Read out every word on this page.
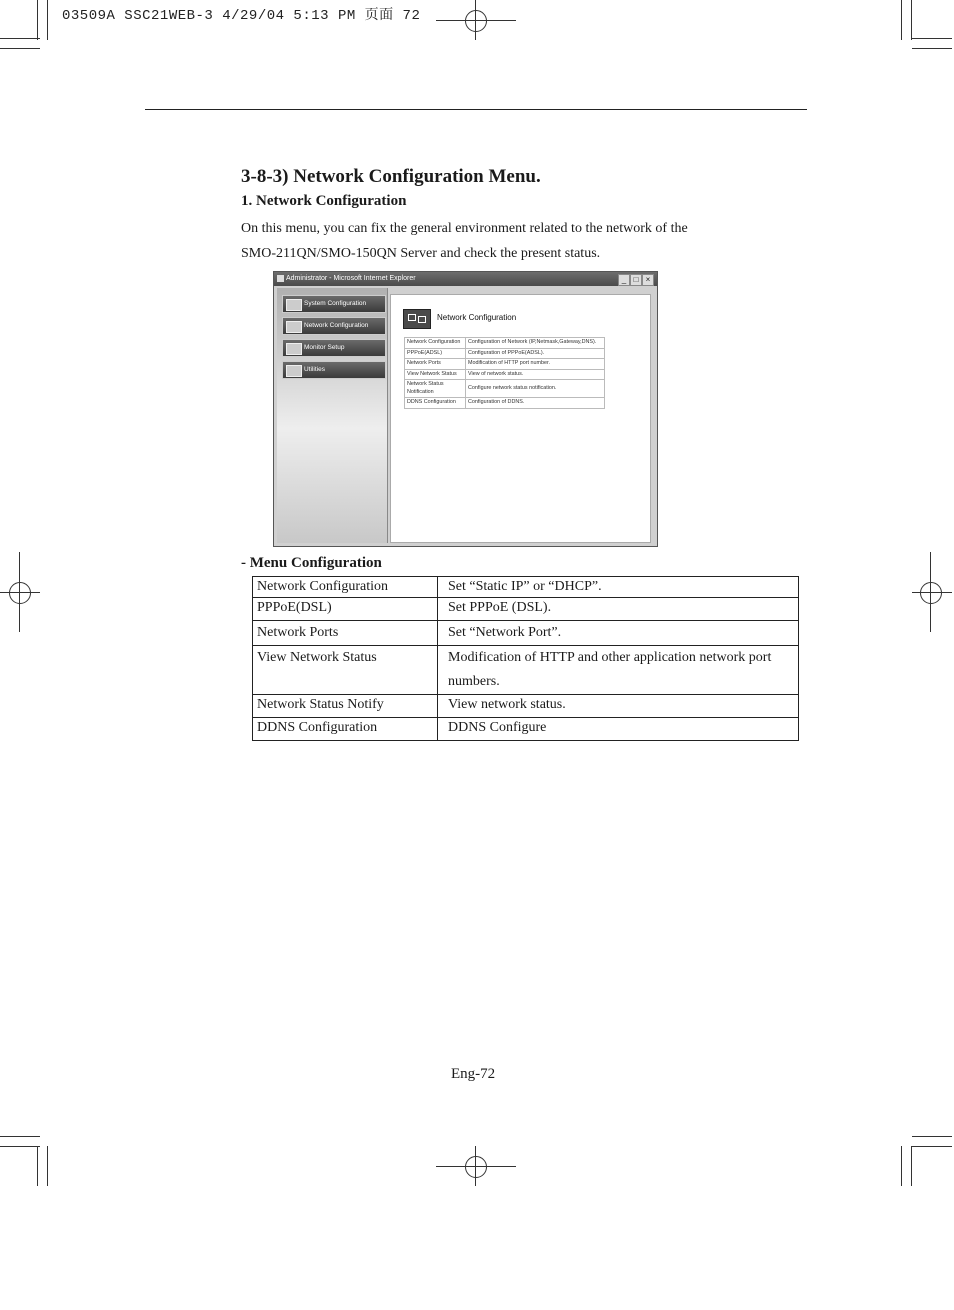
03509A SSC21WEB-3 4/29/04 5:13 PM 页面 72
3-8-3) Network Configuration Menu.
1. Network Configuration
On this menu, you can fix the general environment related to the network of the
SMO-211QN/SMO-150QN Server and check the present status.
Administrator - Microsoft Internet Explorer	_ □ ×
System Configuration
Network Configuration
Monitor Setup
Utilities
Network Configuration
Network Configuration	Configuration of Network (IP,Netmask,Gateway,DNS).
PPPoE(ADSL)	Configuration of PPPoE(ADSL).
Network Ports	Modification of HTTP port number.
View Network Status	View of network status.
Network Status Notification	Configure network status notification.
DDNS Configuration	Configuration of DDNS.
- Menu Configuration
Network Configuration	Set “Static IP” or “DHCP”.
PPPoE(DSL)	Set PPPoE (DSL).
Network Ports	Set “Network Port”.
View Network Status	Modification of HTTP and other application network port numbers.
Network Status Notify	View network status.
DDNS Configuration	DDNS Configure
Eng-72
